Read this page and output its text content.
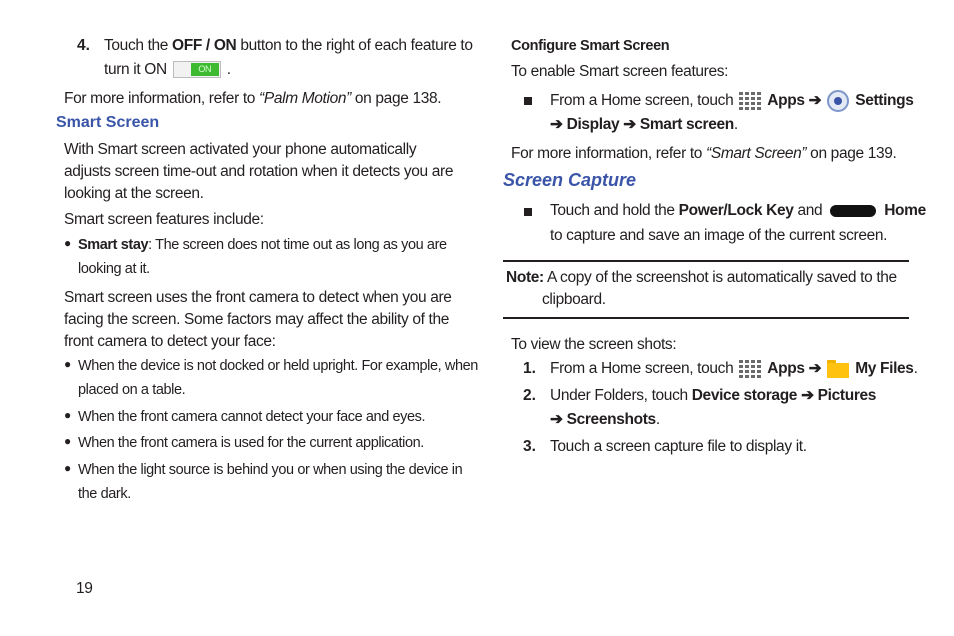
4. Touch the OFF / ON button to the right of each feature to
turn it ON	ON	.
For more information, refer to “Palm Motion” on page 138.
Smart Screen
With Smart screen activated your phone automatically
adjusts screen time-out and rotation when it detects you are
looking at the screen.
Smart screen features include:
● Smart stay: The screen does not time out as long as you are
looking at it.
Smart screen uses the front camera to detect when you are
facing the screen. Some factors may affect the ability of the
front camera to detect your face:
● When the device is not docked or held upright. For example, when
placed on a table.
● When the front camera cannot detect your face and eyes.
● When the front camera is used for the current application.
● When the light source is behind you or when using the device in
the dark.
19
Configure Smart Screen
To enable Smart screen features:
From a Home screen, touch Apps ➔ Settings
➔ Display ➔ Smart screen.
For more information, refer to “Smart Screen” on page 139.
Screen Capture
Touch and hold the Power/Lock Key and	Home
to capture and save an image of the current screen.
Note: A copy of the screenshot is automatically saved to the
clipboard.
To view the screen shots:
1. From a Home screen, touch Apps ➔ My Files.
2. Under Folders, touch Device storage ➔ Pictures
➔ Screenshots.
3. Touch a screen capture file to display it.
